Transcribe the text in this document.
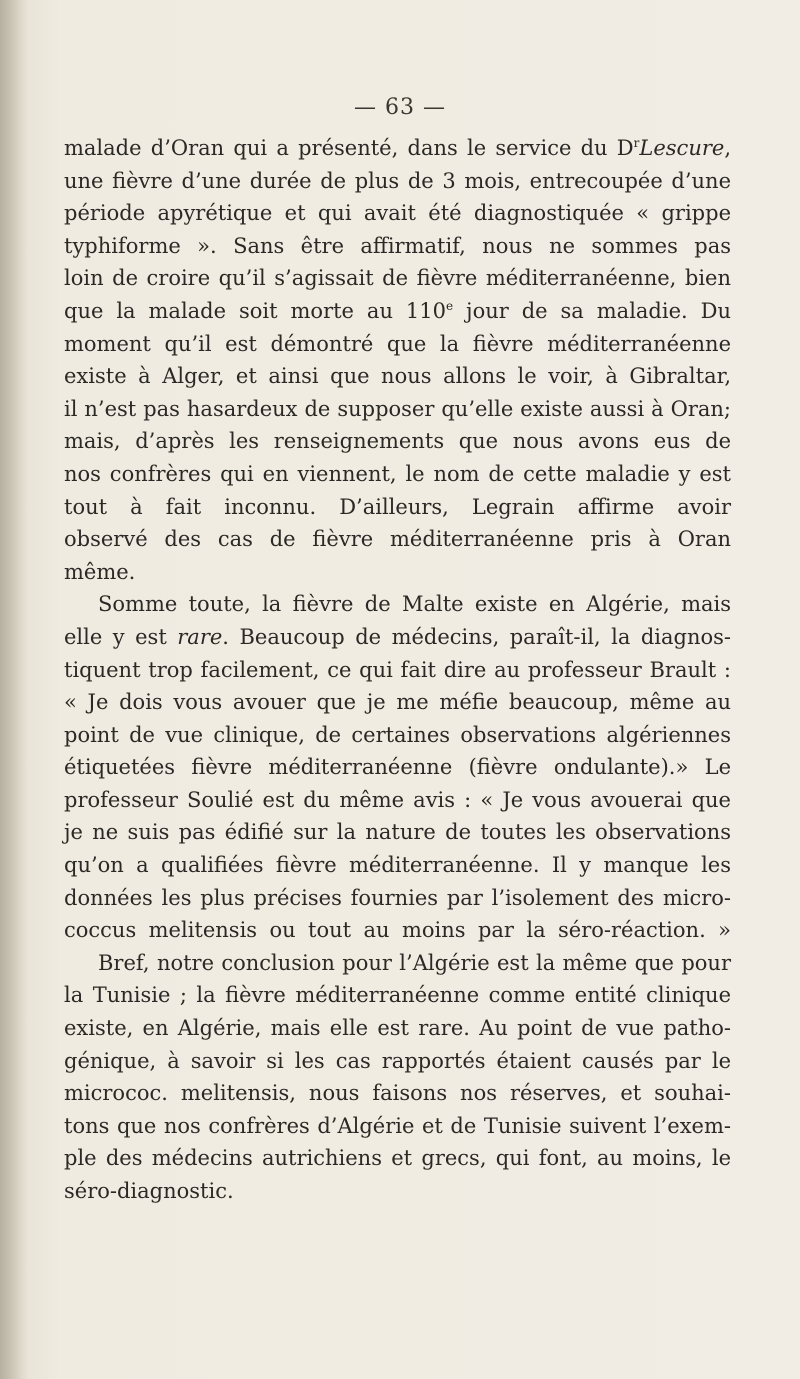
— 63 —
malade d’Oran qui a présenté, dans le service du $D^rLescure$,
une fièvre d’une durée de plus de 3 mois, entrecoupée d’une
période apyrétique et qui avait été diagnostiquée « grippe
typhiforme ». Sans être affirmatif, nous ne sommes pas
loin de croire qu’il s’agissait de fièvre méditerranéenne, bien
que la malade soit morte au 110e jour de sa maladie. Du
moment qu’il est démontré que la fièvre méditerranéenne
existe à Alger, et ainsi que nous allons le voir, à Gibraltar,
il n’est pas hasardeux de supposer qu’elle existe aussi à Oran;
mais, d’après les renseignements que nous avons eus de
nos confrères qui en viennent, le nom de cette maladie y est
tout à fait inconnu. D’ailleurs, Legrain affirme avoir
observé des cas de fièvre méditerranéenne pris à Oran
même.
Somme toute, la fièvre de Malte existe en Algérie, mais
elle y est rare. Beaucoup de médecins, paraît-il, la diagnos-
tiquent trop facilement, ce qui fait dire au professeur Brault :
« Je dois vous avouer que je me méfie beaucoup, même au
point de vue clinique, de certaines observations algériennes
étiquetées fièvre méditerranéenne (fièvre ondulante).» Le
professeur Soulié est du même avis : « Je vous avouerai que
je ne suis pas édifié sur la nature de toutes les observations
qu’on a qualifiées fièvre méditerranéenne. Il y manque les
données les plus précises fournies par l’isolement des micro-
coccus melitensis ou tout au moins par la séro-réaction. »
Bref, notre conclusion pour l’Algérie est la même que pour
la Tunisie ; la fièvre méditerranéenne comme entité clinique
existe, en Algérie, mais elle est rare. Au point de vue patho-
génique, à savoir si les cas rapportés étaient causés par le
micrococ. melitensis, nous faisons nos réserves, et souhai-
tons que nos confrères d’Algérie et de Tunisie suivent l’exem-
ple des médecins autrichiens et grecs, qui font, au moins, le
séro-diagnostic.
